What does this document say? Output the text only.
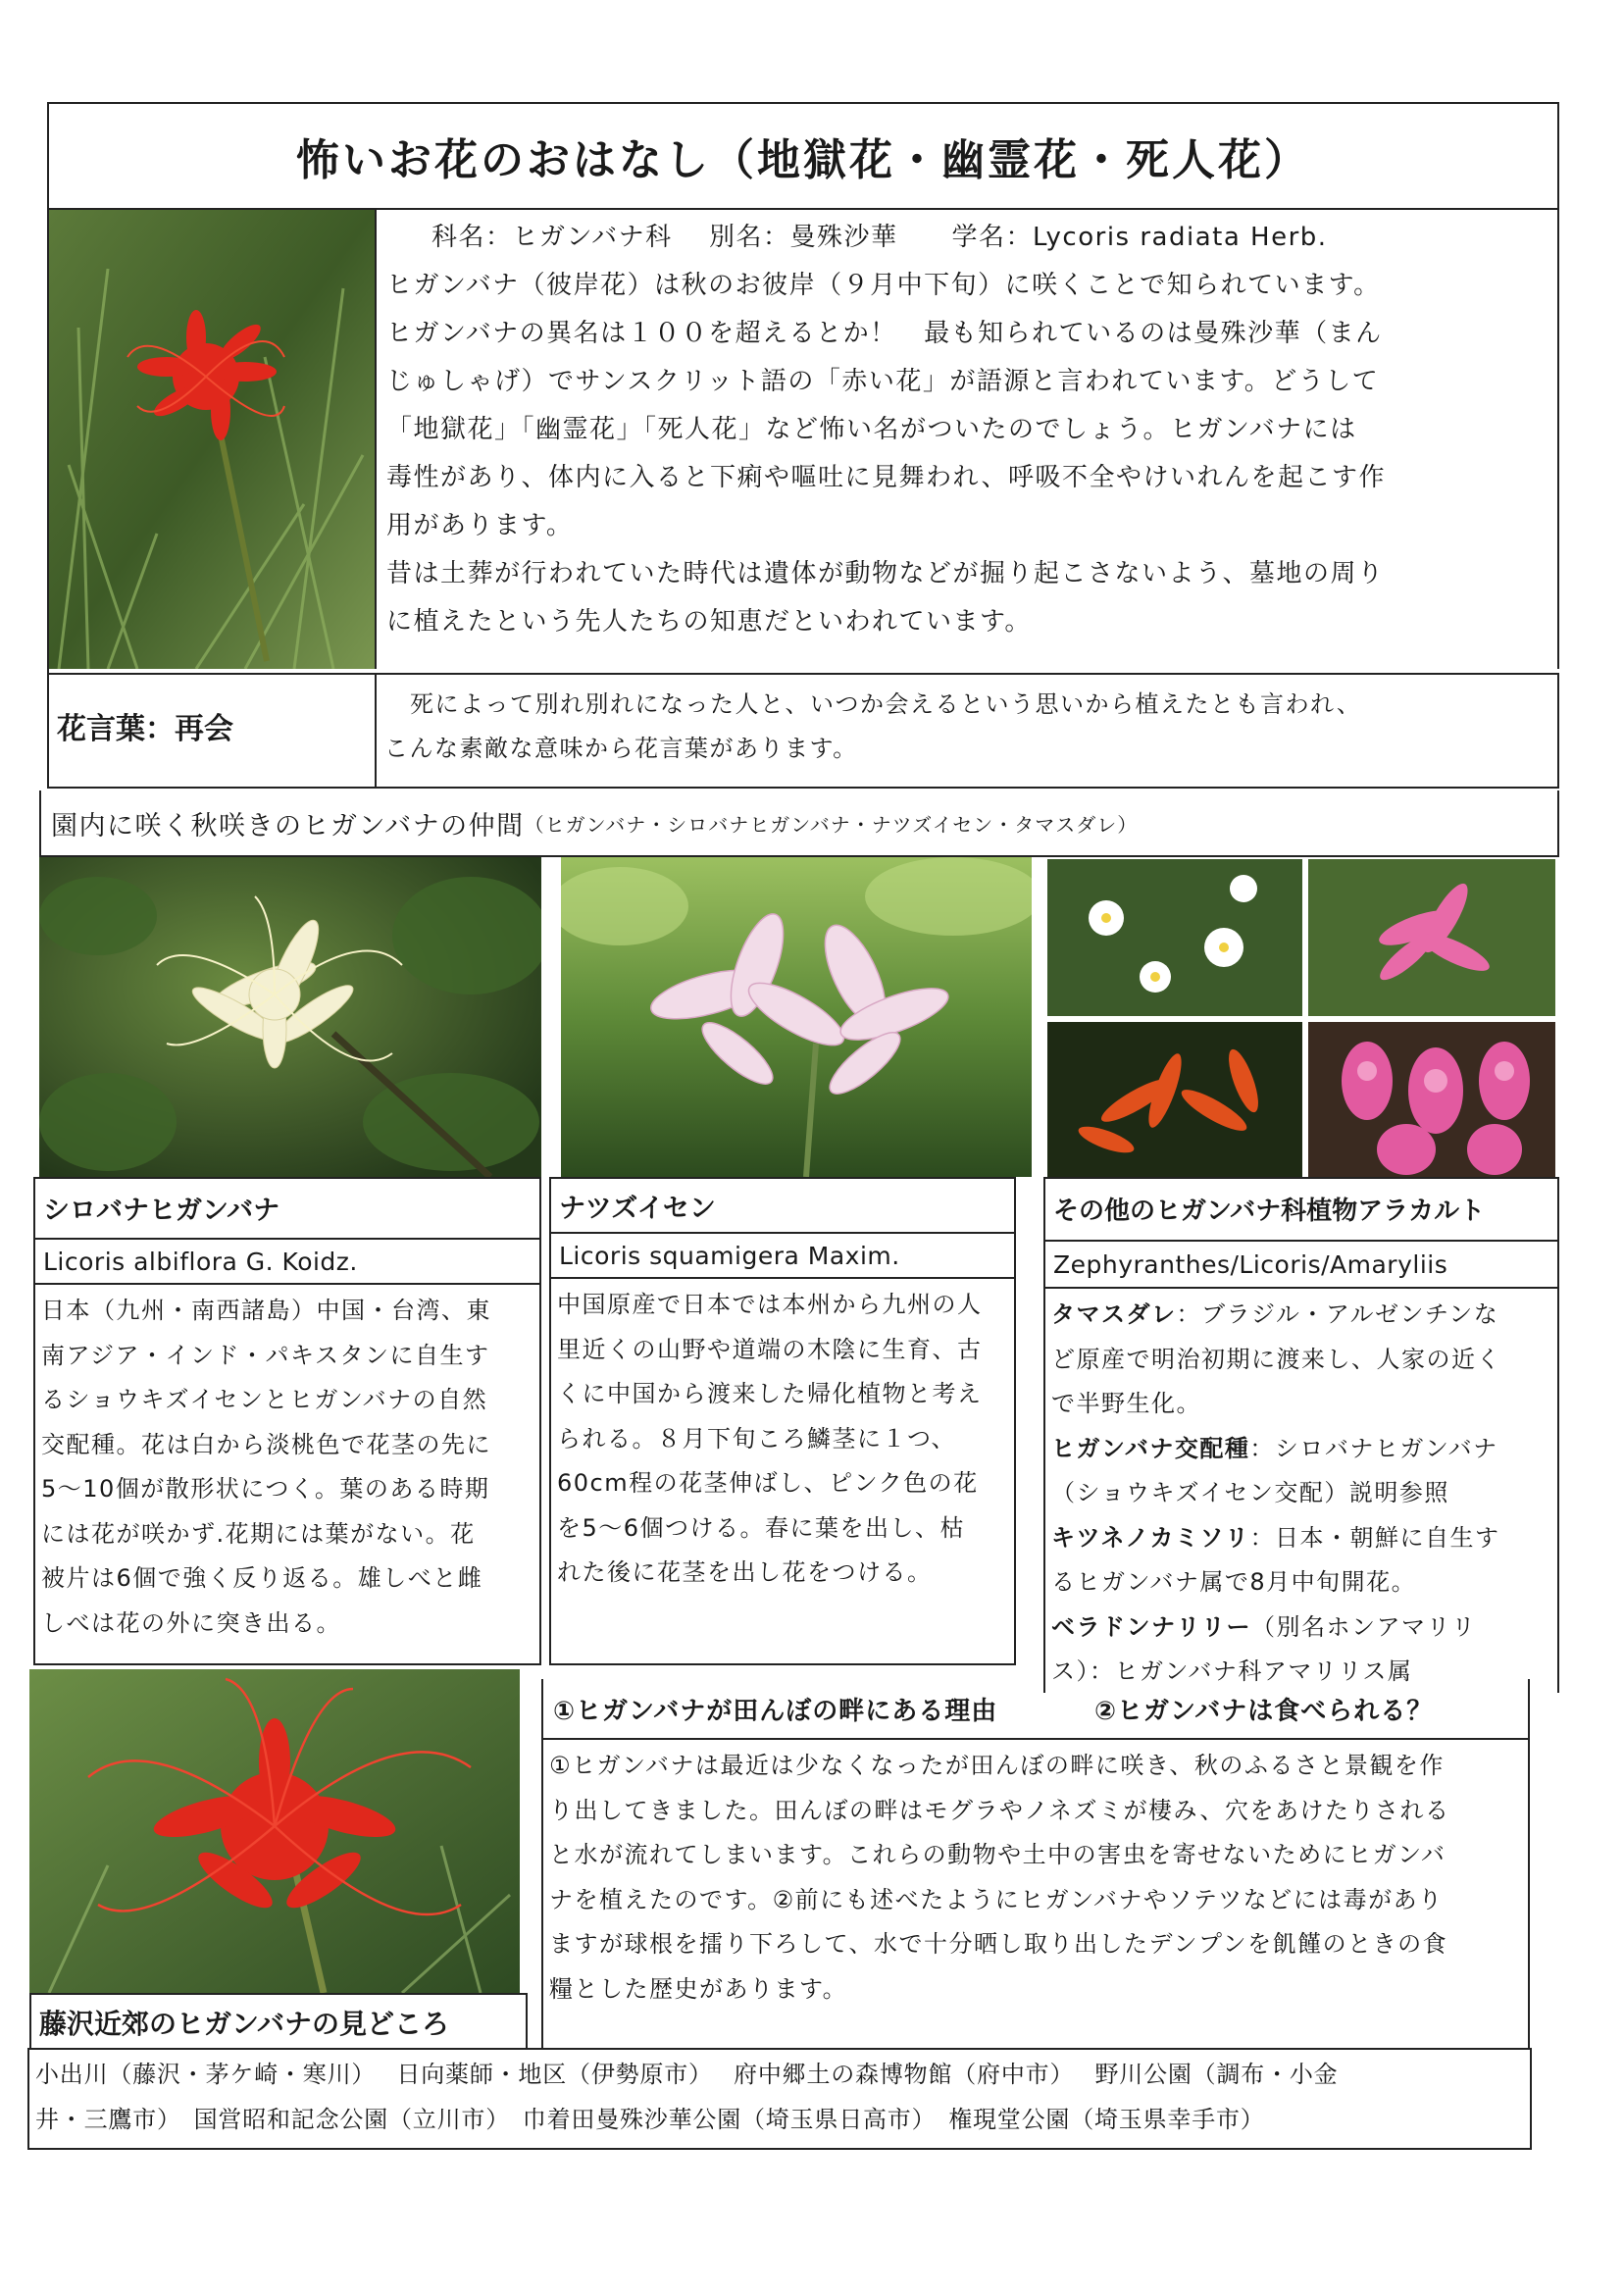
怖いお花のおはなし（地獄花・幽霊花・死人花）
科名：ヒガンバナ科　 別名：曼殊沙華　　学名：Lycoris radiata Herb.
ヒガンバナ（彼岸花）は秋のお彼岸（９月中下旬）に咲くことで知られています。
ヒガンバナの異名は１００を超えるとか！　最も知られているのは曼殊沙華（まん
じゅしゃげ）でサンスクリット語の「赤い花」が語源と言われています。どうして
「地獄花」「幽霊花」「死人花」など怖い名がついたのでしょう。ヒガンバナには
毒性があり、体内に入ると下痢や嘔吐に見舞われ、呼吸不全やけいれんを起こす作
用があります。
昔は土葬が行われていた時代は遺体が動物などが掘り起こさないよう、墓地の周り
に植えたという先人たちの知恵だといわれています。
花言葉：再会
死によって別れ別れになった人と、いつか会えるという思いから植えたとも言われ、
こんな素敵な意味から花言葉があります。
園内に咲く秋咲きのヒガンバナの仲間 （ヒガンバナ・シロバナヒガンバナ・ナツズイセン・タマスダレ）
シロバナヒガンバナ
Licoris albiflora G. Koidz.
日本（九州・南西諸島）中国・台湾、東
南アジア・インド・パキスタンに自生す
るショウキズイセンとヒガンバナの自然
交配種。花は白から淡桃色で花茎の先に
5～10個が散形状につく。葉のある時期
には花が咲かず.花期には葉がない。花
被片は6個で強く反り返る。雄しべと雌
しべは花の外に突き出る。
ナツズイセン
Licoris squamigera Maxim.
中国原産で日本では本州から九州の人
里近くの山野や道端の木陰に生育、古
くに中国から渡来した帰化植物と考え
られる。８月下旬ころ鱗茎に１つ、
60cm程の花茎伸ばし、ピンク色の花
を5～6個つける。春に葉を出し、枯
れた後に花茎を出し花をつける。
その他のヒガンバナ科植物アラカルト
Zephyranthes/Licoris/Amaryliis
タマスダレ：ブラジル・アルゼンチンな
ど原産で明治初期に渡来し、人家の近く
で半野生化。
ヒガンバナ交配種：シロバナヒガンバナ
（ショウキズイセン交配）説明参照
キツネノカミソリ：日本・朝鮮に自生す
るヒガンバナ属で8月中旬開花。
ベラドンナリリー（別名ホンアマリリ
ス）：ヒガンバナ科アマリリス属
①ヒガンバナが田んぼの畔にある理由	②ヒガンバナは食べられる？
①ヒガンバナは最近は少なくなったが田んぼの畔に咲き、秋のふるさと景観を作
り出してきました。田んぼの畔はモグラやノネズミが棲み、穴をあけたりされる
と水が流れてしまいます。これらの動物や土中の害虫を寄せないためにヒガンバ
ナを植えたのです。②前にも述べたようにヒガンバナやソテツなどには毒があり
ますが球根を擂り下ろして、水で十分晒し取り出したデンプンを飢饉のときの食
糧とした歴史があります。
藤沢近郊のヒガンバナの見どころ
小出川（藤沢・茅ケ崎・寒川）　 日向薬師・地区（伊勢原市）　 府中郷土の森博物館（府中市）　 野川公園（調布・小金
井・三鷹市）　国営昭和記念公園（立川市）　巾着田曼殊沙華公園（埼玉県日高市）　権現堂公園（埼玉県幸手市）
